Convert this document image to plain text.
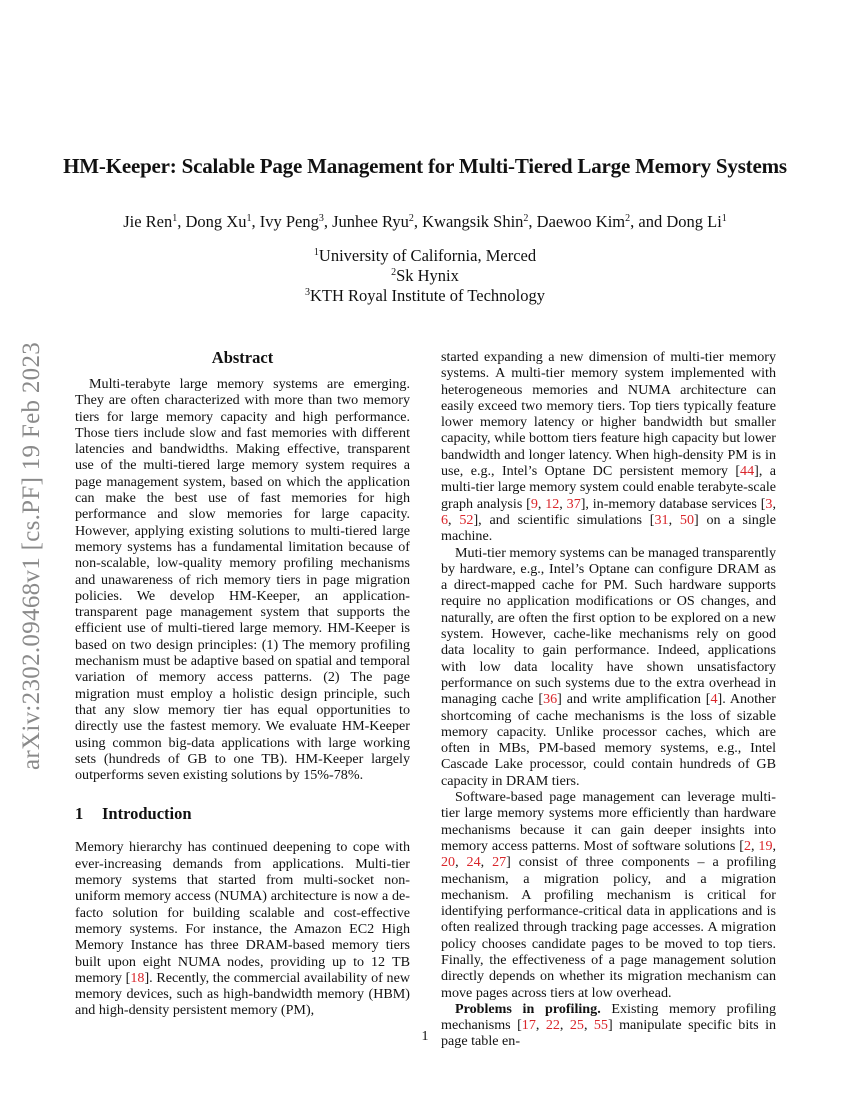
arXiv:2302.09468v1 [cs.PF] 19 Feb 2023
HM-Keeper: Scalable Page Management for Multi-Tiered Large Memory Systems
Jie Ren$^1$, Dong Xu$^1$, Ivy Peng$^3$, Junhee Ryu$^2$, Kwangsik Shin$^2$, Daewoo Kim$^2$, and Dong Li$^1$
$^1$University of California, Merced
$^2$Sk Hynix
$^3$KTH Royal Institute of Technology
Abstract

Multi-terabyte large memory systems are emerging. They are often characterized with more than two memory tiers for large memory capacity and high performance. Those tiers include slow and fast memories with different latencies and bandwidths. Making effective, transparent use of the multi-tiered large memory system requires a page management system, based on which the application can make the best use of fast memories for high performance and slow memories for large capacity. However, applying existing solutions to multi-tiered large memory systems has a fundamental limitation because of non-scalable, low-quality memory profiling mechanisms and unawareness of rich memory tiers in page migration policies. We develop HM-Keeper, an application-transparent page management system that supports the efficient use of multi-tiered large memory. HM-Keeper is based on two design principles: (1) The memory profiling mechanism must be adaptive based on spatial and temporal variation of memory access patterns. (2) The page migration must employ a holistic design principle, such that any slow memory tier has equal opportunities to directly use the fastest memory. We evaluate HM-Keeper using common big-data applications with large working sets (hundreds of GB to one TB). HM-Keeper largely outperforms seven existing solutions by 15%-78%.

1 Introduction

Memory hierarchy has continued deepening to cope with ever-increasing demands from applications. Multi-tier memory systems that started from multi-socket non-uniform memory access (NUMA) architecture is now a de-facto solution for building scalable and cost-effective memory systems. For instance, the Amazon EC2 High Memory Instance has three DRAM-based memory tiers built upon eight NUMA nodes, providing up to 12 TB memory [18]. Recently, the commercial availability of new memory devices, such as high-bandwidth memory (HBM) and high-density persistent memory (PM),

started expanding a new dimension of multi-tier memory systems. A multi-tier memory system implemented with heterogeneous memories and NUMA architecture can easily exceed two memory tiers. Top tiers typically feature lower memory latency or higher bandwidth but smaller capacity, while bottom tiers feature high capacity but lower bandwidth and longer latency. When high-density PM is in use, e.g., Intel’s Optane DC persistent memory [44], a multi-tier large memory system could enable terabyte-scale graph analysis [9, 12, 37], in-memory database services [3, 6, 52], and scientific simulations [31, 50] on a single machine.

Muti-tier memory systems can be managed transparently by hardware, e.g., Intel’s Optane can configure DRAM as a direct-mapped cache for PM. Such hardware supports require no application modifications or OS changes, and naturally, are often the first option to be explored on a new system. However, cache-like mechanisms rely on good data locality to gain performance. Indeed, applications with low data locality have shown unsatisfactory performance on such systems due to the extra overhead in managing cache [36] and write amplification [4]. Another shortcoming of cache mechanisms is the loss of sizable memory capacity. Unlike processor caches, which are often in MBs, PM-based memory systems, e.g., Intel Cascade Lake processor, could contain hundreds of GB capacity in DRAM tiers.

Software-based page management can leverage multi-tier large memory systems more efficiently than hardware mechanisms because it can gain deeper insights into memory access patterns. Most of software solutions [2, 19, 20, 24, 27] consist of three components – a profiling mechanism, a migration policy, and a migration mechanism. A profiling mechanism is critical for identifying performance-critical data in applications and is often realized through tracking page accesses. A migration policy chooses candidate pages to be moved to top tiers. Finally, the effectiveness of a page management solution directly depends on whether its migration mechanism can move pages across tiers at low overhead.

Problems in profiling. Existing memory profiling mechanisms [17, 22, 25, 55] manipulate specific bits in page table en-

1
